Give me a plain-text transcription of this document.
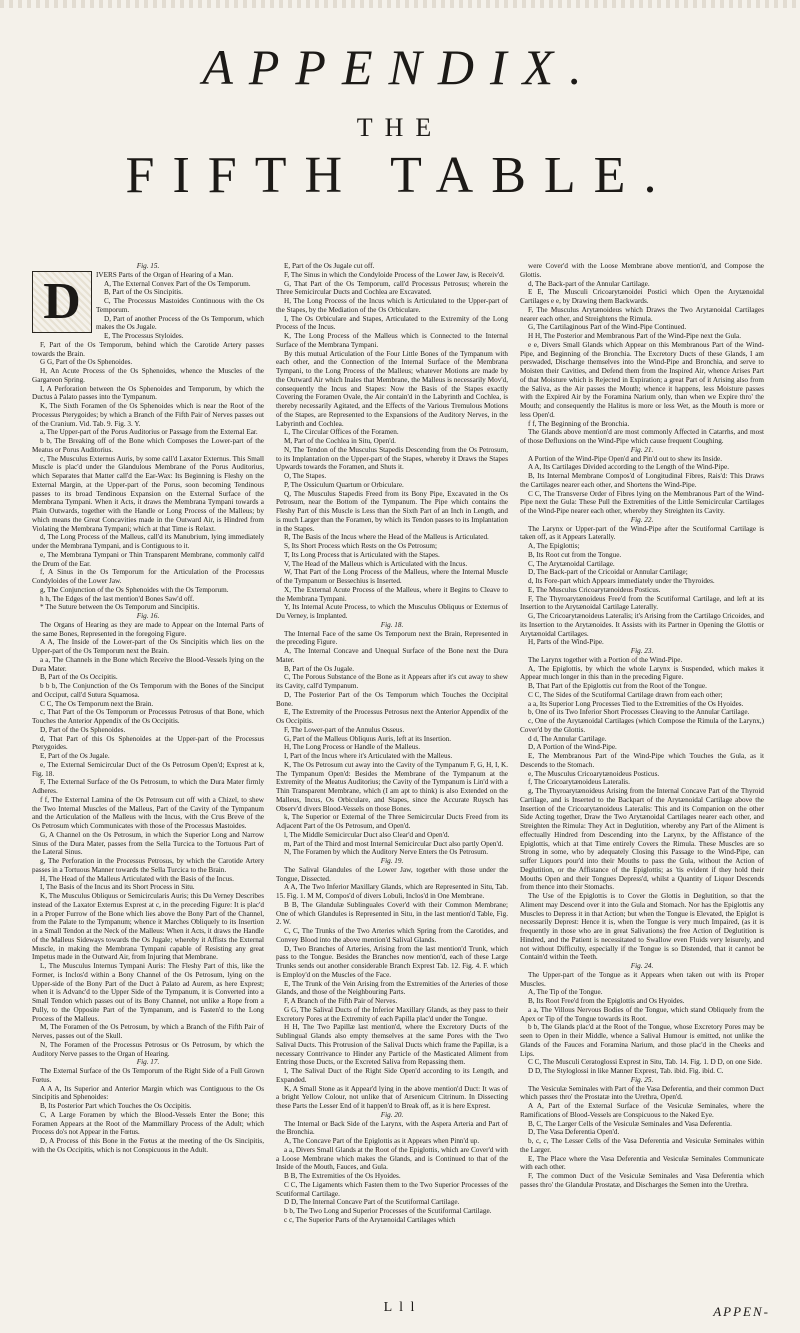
APPENDIX.
THE
FIFTH TABLE.

Fig. 15.

D	IVERS Parts of the Organ of Hearing of a Man.

A, The External Convex Part of the Os Temporum.

B, Part of the Os Sincipitis.

C, The Processus Mastoides Continuous with the Os Temporum.

D, Part of another Process of the Os Temporum, which makes the Os Jugale.

E, The Processus Styloides.

F, Part of the Os Temporum, behind which the Carotide Artery passes towards the Brain.

G G, Part of the Os Sphenoides.

H, An Acute Process of the Os Sphenoides, whence the Muscles of the Gargareon Spring.

I, A Perforation between the Os Sphenoides and Temporum, by which the Ductus à Palato passes into the Tympanum.

K, The Sixth Foramen of the Os Sphenoides which is near the Root of the Processus Pterygoides; by which a Branch of the Fifth Pair of Nerves passes out of the Cranium. Vid. Tab. 9. Fig. 3. Y.

a, The Upper-part of the Porus Auditorius or Passage from the External Ear.

b b, The Breaking off of the Bone which Composes the Lower-part of the Meatus or Porus Auditorius.

c, The Musculus Externus Auris, by some call'd Laxator Externus. This Small Muscle is plac'd under the Glandulous Membrane of the Porus Auditorius, which Separates that Matter call'd the Ear-Wax: Its Beginning is Fleshy on the External Margin, at the Upper-part of the Porus, soon becoming Tendinous passes to its broad Tendinous Expansion on the External Surface of the Membrana Tympani. When it Acts, it draws the Membrana Tympani towards a Plain Outwards, together with the Handle or Long Process of the Malleus; by which means the Great Concavities made in the Outward Air, is Hindred from Violating the Membrana Tympani; which at that Time is Relaxt.

d, The Long Process of the Malleus, call'd its Manubrium, lying immediately under the Membrana Tympani, and is Contiguous to it.

e, The Membrana Tympani or Thin Transparent Membrane, commonly call'd the Drum of the Ear.

f, A Sinus in the Os Temporum for the Articulation of the Processus Condyloides of the Lower Jaw.

g, The Conjunction of the Os Sphenoides with the Os Temporum.

h h, The Edges of the last mention'd Bones Saw'd off.

* The Suture between the Os Temporum and Sincipitis.

Fig. 16.

The Organs of Hearing as they are made to Appear on the Internal Parts of the same Bones, Represented in the foregoing Figure.

A A, The Inside of the Lower-part of the Os Sincipitis which lies on the Upper-part of the Os Temporum next the Brain.

a a, The Channels in the Bone which Receive the Blood-Vessels lying on the Dura Mater.

B, Part of the Os Occipitis.

b b b, The Conjunction of the Os Temporum with the Bones of the Sinciput and Occiput, call'd Sutura Squamosa.

C C, The Os Temporum next the Brain.

c, That Part of the Os Temporum or Processus Petrosus of that Bone, which Touches the Anterior Appendix of the Os Occipitis.

D, Part of the Os Sphenoides.

d, That Part of this Os Sphenoides at the Upper-part of the Processus Pterygoides.

E, Part of the Os Jugale.

e, The External Semicircular Duct of the Os Petrosum Open'd; Exprest at k, Fig. 18.

F, The External Surface of the Os Petrosum, to which the Dura Mater firmly Adheres.

f f, The External Lamina of the Os Petrosum cut off with a Chizel, to shew the Two Internal Muscles of the Malleus, Part of the Cavity of the Tympanum and the Articulation of the Malleus with the Incus, with the Crus Breve of the Os Petrosum which Communicates with those of the Processus Mastoides.

G, A Channel on the Os Petrosum, in which the Superior Long and Narrow Sinus of the Dura Mater, passes from the Sella Turcica to the Tortuous Part of the Lateral Sinus.

g, The Perforation in the Processus Petrosus, by which the Carotide Artery passes in a Tortuous Manner towards the Sella Turcica to the Brain.

H, The Head of the Malleus Articulated with the Basis of the Incus.

I, The Basis of the Incus and its Short Process in Situ.

K, The Musculus Obliquus or Semicircularis Auris; this Du Verney Describes instead of the Laxator Externus Exprest at c, in the preceding Figure: It is plac'd in a Proper Furrow of the Bone which lies above the Bony Part of the Channel, from the Palate to the Tympanum; whence it Marches Obliquely to its Insertion in a Small Tendon at the Neck of the Malleus: When it Acts, it draws the Handle of the Malleus Sideways towards the Os Jugale; whereby it Affists the External Muscle, in making the Membrana Tympani capable of Resisting any great Impetus made in the Outward Air, from Injuring that Membrane.

L, The Musculus Internus Tympani Auris: The Fleshy Part of this, like the Former, is Inclos'd within a Bony Channel of the Os Petrosum, lying on the Upper-side of the Bony Part of the Duct à Palato ad Aurem, as here Exprest; when it is Advanc'd to the Upper Side of the Tympanum, it is Converted into a Small Tendon which passes out of its Bony Channel, not unlike a Rope from a Pully, to the Opposite Part of the Tympanum, and is Fasten'd to the Long Process of the Malleus.

M, The Foramen of the Os Petrosum, by which a Branch of the Fifth Pair of Nerves, passes out of the Skull.

N, The Foramen of the Processus Petrosus or Os Petrosum, by which the Auditory Nerve passes to the Organ of Hearing.

Fig. 17.

The External Surface of the Os Temporum of the Right Side of a Full Grown Fœtus.

A A A, Its Superior and Anterior Margin which was Contiguous to the Os Sincipitis and Sphenoides:

B, Its Posterior Part which Touches the Os Occipitis.

C, A Large Foramen by which the Blood-Vessels Enter the Bone; this Foramen Appears at the Root of the Mammillary Process of the Adult; which Process do's not Appear in the Fœtus.

D, A Process of this Bone in the Fœtus at the meeting of the Os Sincipitis, with the Os Occipitis, which is not Conspicuous in the Adult.

E, Part of the Os Jugale cut off.

F, The Sinus in which the Condyloide Process of the Lower Jaw, is Receiv'd.

G, That Part of the Os Temporum, call'd Processus Petrosus; wherein the Three Semicircular Ducts and Cochlea are Excavated.

H, The Long Process of the Incus which is Articulated to the Upper-part of the Stapes, by the Mediation of the Os Orbiculare.

I, The Os Orbiculare and Stapes, Articulated to the Extremity of the Long Process of the Incus.

K, The Long Process of the Malleus which is Connected to the Internal Surface of the Membrana Tympani.

By this mutual Articulation of the Four Little Bones of the Tympanum with each other, and the Connection of the Internal Surface of the Membrana Tympani, to the Long Process of the Malleus; whatever Motions are made by the Outward Air which Inales that Membrane, the Malleus is necessarily Mov'd, consequently the Incus and Stapes: Now the Basis of the Stapes exactly Covering the Foramen Ovale, the Air contain'd in the Labyrinth and Cochlea, is thereby necessarily Agitated, and the Effects of the Various Tremulous Motions of the Stapes, are Represented to the Expansions of the Auditory Nerves, in the Labyrinth and Cochlea.

L, The Circular Offices of the Foramen.

M, Part of the Cochlea in Situ, Open'd.

N, The Tendon of the Musculus Stapedis Descending from the Os Petrosum, to its Implantation on the Upper-part of the Stapes, whereby it Draws the Stapes Upwards towards the Foramen, and Shuts it.

O, The Stapes.

P, The Ossiculum Quartum or Orbiculare.

Q, The Musculus Stapedis Freed from its Bony Pipe, Excavated in the Os Petrosum, near the Bottom of the Tympanum. The Pipe which contains the Fleshy Part of this Muscle is Less than the Sixth Part of an Inch in Length, and is much Larger than the Foramen, by which its Tendon passes to its Implantation in the Stapes.

R, The Basis of the Incus where the Head of the Malleus is Articulated.

S, Its Short Process which Rests on the Os Petrosum;

T, Its Long Process that is Articulated with the Stapes.

V, The Head of the Malleus which is Articulated with the Incus.

W, That Part of the Long Process of the Malleus, where the Internal Muscle of the Tympanum or Bessechius is Inserted.

X, The External Acute Process of the Malleus, where it Begins to Cleave to the Membrana Tympani.

Y, Its Internal Acute Process, to which the Musculus Obliquus or Externus of Du Verney, is Implanted.

Fig. 18.

The Internal Face of the same Os Temporum next the Brain, Represented in the preceding Figure.

A, The Internal Concave and Unequal Surface of the Bone next the Dura Mater.

B, Part of the Os Jugale.

C, The Porous Substance of the Bone as it Appears after it's cut away to shew its Cavity, call'd Tympanum.

D, The Posterior Part of the Os Temporum which Touches the Occipital Bone.

E, The Extremity of the Processus Petrosus next the Anterior Appendix of the Os Occipitis.

F, The Lower-part of the Annulus Osseus.

G, Part of the Malleus Obliquus Auris, left at its Insertion.

H, The Long Process or Handle of the Malleus.

I, Part of the Incus where it's Articulated with the Malleus.

K, The Os Petrosum cut away into the Cavity of the Tympanum F, G, H, I, K. The Tympanum Open'd: Besides the Membrane of the Tympanum at the Extremity of the Meatus Auditorius; the Cavity of the Tympanum is Lin'd with a Thin Transparent Membrane, which (I am apt to think) is also Extended on the Malleus, Incus, Os Orbiculare, and Stapes, since the Accurate Ruysch has Observ'd divers Blood-Vessels on those Bones.

k, The Superior or External of the Three Semicircular Ducts Freed from its Adjacent Part of the Os Petrosum, and Open'd.

l, The Middle Semicircular Duct also Clear'd and Open'd.

m, Part of the Third and most Internal Semicircular Duct also partly Open'd.

N, The Foramen by which the Auditory Nerve Enters the Os Petrosum.

Fig. 19.

The Salival Glandules of the Lower Jaw, together with those under the Tongue, Dissected.

A A, The Two Inferior Maxillary Glands, which are Represented in Situ, Tab. 15. Fig. 1. M M, Compos'd of divers Lobuli, Inclos'd in One Membrane.

B B, The Glandulæ Sublinguales Cover'd with their Common Membrane; One of which Glandules is Represented in Situ, in the last mention'd Table, Fig. 2. W.

C, C, The Trunks of the Two Arteries which Spring from the Carotides, and Convey Blood into the above mention'd Salival Glands.

D, Two Branches of Arteries, Arising from the last mention'd Trunk, which pass to the Tongue. Besides the Branches now mention'd, each of these Large Trunks sends out another considerable Branch Exprest Tab. 12. Fig. 4. F. which is Employ'd on the Muscles of the Face.

E, The Trunk of the Vein Arising from the Extremities of the Arteries of those Glands, and those of the Neighbouring Parts.

F, A Branch of the Fifth Pair of Nerves.

G G, The Salival Ducts of the Inferior Maxillary Glands, as they pass to their Excretory Pores at the Extremity of each Papilla plac'd under the Tongue.

H H, The Two Papillæ last mention'd, where the Excretory Ducts of the Sublingual Glands also empty themselves at the same Pores with the Two Salival Ducts. This Protrusion of the Salival Ducts which frame the Papillæ, is a necessary Contrivance to Hinder any Particle of the Masticated Aliment from Entring those Ducts, or the Excreted Saliva from Repassing them.

I, The Salival Duct of the Right Side Open'd according to its Length, and Expanded.

K, A Small Stone as it Appear'd lying in the above mention'd Duct: It was of a bright Yellow Colour, not unlike that of Arsenicum Citrinum. In Dissecting these Parts the Lesser End of it happen'd to Break off, as it is here Exprest.

Fig. 20.

The Internal or Back Side of the Larynx, with the Aspera Arteria and Part of the Bronchia.

A, The Concave Part of the Epiglottis as it Appears when Pinn'd up.

a a, Divers Small Glands at the Root of the Epiglottis, which are Cover'd with a Loose Membrane which makes the Glands, and is Continued to that of the Inside of the Mouth, Fauces, and Gula.

B B, The Extremities of the Os Hyoides.

C C, The Ligaments which Fasten them to the Two Superior Processes of the Scutiformal Cartilage.

D D, The Internal Concave Part of the Scutiformal Cartilage.

b b, The Two Long and Superior Processes of the Scutiformal Cartilage.

c c, The Superior Parts of the Arytænoidal Cartilages which

were Cover'd with the Loose Membrane above mention'd, and Compose the Glottis.

d, The Back-part of the Annular Cartilage.

E E, The Musculi Cricoarytænoidei Postici which Open the Arytænoidal Cartilages e e, by Drawing them Backwards.

F, The Musculus Arytænoideus which Draws the Two Arytænoidal Cartilages nearer each other, and Streightens the Rimula.

G, The Cartilaginous Part of the Wind-Pipe Continued.

H H, The Posterior and Membranous Part of the Wind-Pipe next the Gula.

e e, Divers Small Glands which Appear on this Membranous Part of the Wind-Pipe, and Beginning of the Bronchia. The Excretory Ducts of these Glands, I am perswaded, Discharge themselves into the Wind-Pipe and Bronchia, and serve to Moisten their Cavities, and Defend them from the Inspired Air, whence Arises Part of that Moisture which is Rejected in Expiration; a great Part of it Arising also from the Saliva, as the Air passes the Mouth; whence it happens, less Moisture passes with the Expired Air by the Foramina Narium only, than when we Expire thro' the Mouth; and consequently the Halitus is more or less Wet, as the Mouth is more or less Open'd.

f f, The Beginning of the Bronchia.

The Glands above mention'd are most commonly Affected in Catarrhs, and most of those Defluxions on the Wind-Pipe which cause frequent Coughing.

Fig. 21.

A Portion of the Wind-Pipe Open'd and Pin'd out to shew its Inside.

A A, Its Cartilages Divided according to the Length of the Wind-Pipe.

B, Its Internal Membrane Compos'd of Longitudinal Fibres, Rais'd: This Draws the Cartilages nearer each other, and Shortens the Wind-Pipe.

C C, The Transverse Order of Fibres lying on the Membranous Part of the Wind-Pipe next the Gula: These Pull the Extremities of the Little Semicircular Cartilages of the Wind-Pipe nearer each other, whereby they Streighten its Cavity.

Fig. 22.

The Larynx or Upper-part of the Wind-Pipe after the Scutiformal Cartilage is taken off, as it Appears Laterally.

A, The Epiglottis;

B, Its Root cut from the Tongue.

C, The Arytænoidal Cartilage.

D, The Back-part of the Cricoidal or Annular Cartilage;

d, Its Fore-part which Appears immediately under the Thyroides.

E, The Musculus Cricoarytænoideus Posticus.

F, The Thyroarytænoideus Free'd from the Scutiformal Cartilage, and left at its Insertion to the Arytænoidal Cartilage Laterally.

G, The Cricoarytænoideus Lateralis; it's Arising from the Cartilago Cricoides, and its Insertion to the Arytænoides. It Assists with its Partner in Opening the Glottis or Arytænoidal Cartilages.

H, Parts of the Wind-Pipe.

Fig. 23.

The Larynx together with a Portion of the Wind-Pipe.

A, The Epiglottis, by which the whole Larynx is Suspended, which makes it Appear much longer in this than in the preceding Figure.

B, That Part of the Epiglottis cut from the Root of the Tongue.

C C, The Sides of the Scutiformal Cartilage drawn from each other;

a a, Its Superior Long Processes Tied to the Extremities of the Os Hyoides.

b, One of its Two Inferior Short Processes Cleaving to the Annular Cartilage.

c, One of the Arytænoidal Cartilages (which Compose the Rimula of the Larynx,) Cover'd by the Glottis.

d d, The Annular Cartilage.

D, A Portion of the Wind-Pipe.

E, The Membranous Part of the Wind-Pipe which Touches the Gula, as it Descends to the Stomach.

e, The Musculus Cricoarytænoideus Posticus.

f, The Cricoarytænoideus Lateralis.

g, The Thyroarytænoideus Arising from the Internal Concave Part of the Thyroid Cartilage, and is Inserted to the Backpart of the Arytænoidal Cartilage above the Insertion of the Cricoarytænoideus Lateralis: This and its Companion on the other Side Acting together, Draw the Two Arytænoidal Cartilages nearer each other, and Streighten the Rimula: They Act in Deglutition, whereby any Part of the Aliment is effectually Hindred from Descending into the Larynx, by the Affistance of the Epiglottis, which at that Time entirely Covers the Rimula. These Muscles are so Strong in some, who by adequately Closing this Passage to the Wind-Pipe, can suffer Liquors pour'd into their Mouths to pass the Gula, without the Action of Deglutition, or the Affistance of the Epiglottis; as 'tis evident if they hold their Mouths Open and their Tongues Depress'd, whilst a Quantity of Liquor Descends from thence into their Stomachs.

The Use of the Epiglottis is to Cover the Glottis in Deglutition, so that the Aliment may Descend over it into the Gula and Stomach. Nor has the Epiglottis any Muscles to Depress it in that Action; but when the Tongue is Elevated, the Epiglot is necessarily Deprest: Hence it is, when the Tongue is very much Impaired, (as it is frequently in those who are in great Salivations) the free Action of Deglutition is Hindred, and the Patient is necessitated to Swallow even Fluids very leisurely, and not without Difficulty, especially if the Tongue is so Distended, that it cannot be Contain'd within the Teeth.

Fig. 24.

The Upper-part of the Tongue as it Appears when taken out with its Proper Muscles.

A, The Tip of the Tongue.

B, Its Root Free'd from the Epiglottis and Os Hyoides.

a a, The Villous Nervous Bodies of the Tongue, which stand Obliquely from the Apex or Tip of the Tongue towards its Root.

b b, The Glands plac'd at the Root of the Tongue, whose Excretory Pores may be seen to Open in their Middle, whence a Salival Humour is emitted, not unlike the Glands of the Fauces and Foramina Narium, and those plac'd in the Cheeks and Lips.

C C, The Musculi Ceratoglossi Exprest in Situ, Tab. 14. Fig. 1. D D, on one Side.

D D, The Styloglossi in like Manner Exprest, Tab. ibid. Fig. ibid. C.

Fig. 25.

The Vesiculæ Seminales with Part of the Vasa Deferentia, and their common Duct which passes thro' the Prostatæ into the Urethra, Open'd.

A A, Part of the External Surface of the Vesiculæ Seminales, where the Ramifications of Blood-Vessels are Conspicuous to the Naked Eye.

B, C, The Larger Cells of the Vesiculæ Seminales and Vasa Deferentia.

D, The Vasa Deferentia Open'd.

b, c, c, The Lesser Cells of the Vasa Deferentia and Vesiculæ Seminales within the Larger.

E, The Place where the Vasa Deferentia and Vesiculæ Seminales Communicate with each other.

F, The common Duct of the Vesiculæ Seminales and Vasa Deferentia which passes thro' the Glandulæ Prostatæ, and Discharges the Semen into the Urethra.

L l l	APPEN-
